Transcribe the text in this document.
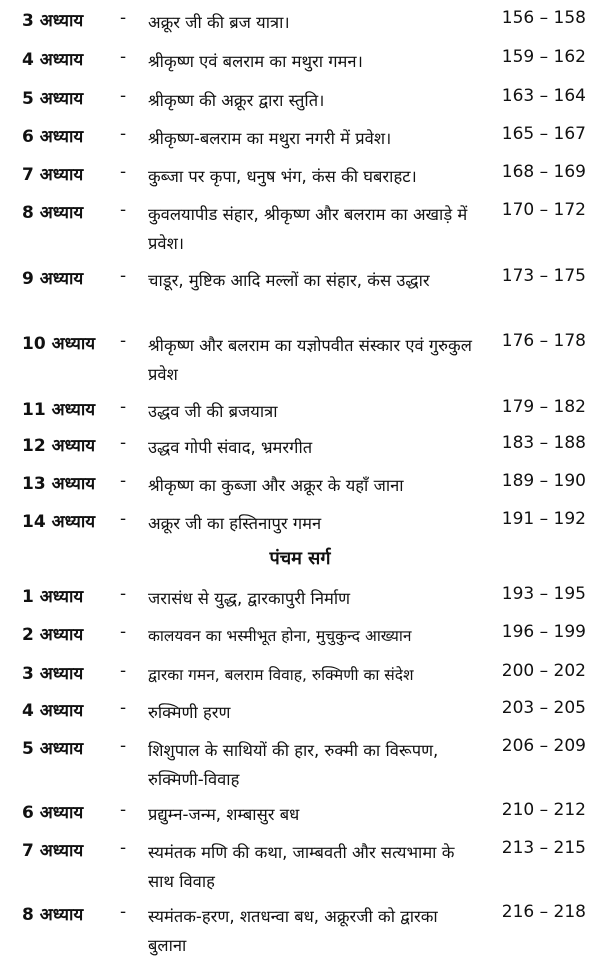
3 अध्याय - अक्रूर जी की ब्रज यात्रा।	156 – 158
4 अध्याय - श्रीकृष्ण एवं बलराम का मथुरा गमन।	159 – 162
5 अध्याय - श्रीकृष्ण की अक्रूर द्वारा स्तुति।	163 – 164
6 अध्याय - श्रीकृष्ण-बलराम का मथुरा नगरी में प्रवेश।	165 – 167
7 अध्याय - कुब्जा पर कृपा, धनुष भंग, कंस की घबराहट।	168 – 169
8 अध्याय - कुवलयापीड संहार, श्रीकृष्ण और बलराम का अखाड़े में प्रवेश।
170 – 172
9 अध्याय - चाडूर, मुष्टिक आदि मल्लों का संहार, कंस उद्धार	173 – 175
10 अध्याय - श्रीकृष्ण और बलराम का यज्ञोपवीत संस्कार एवं गुरुकुल प्रवेश
176 – 178
11 अध्याय - उद्धव जी की ब्रजयात्रा	179 – 182
12 अध्याय - उद्धव गोपी संवाद, भ्रमरगीत	183 – 188
13 अध्याय - श्रीकृष्ण का कुब्जा और अक्रूर के यहाँ जाना	189 – 190
14 अध्याय - अक्रूर जी का हस्तिनापुर गमन	191 – 192
पंचम सर्ग
1 अध्याय - जरासंध से युद्ध, द्वारकापुरी निर्माण	193 – 195
2 अध्याय - कालयवन का भस्मीभूत होना, मुचुकुन्द आख्यान	196 – 199
3 अध्याय - द्वारका गमन, बलराम विवाह, रुक्मिणी का संदेश	200 – 202
4 अध्याय - रुक्मिणी हरण	203 – 205
5 अध्याय - शिशुपाल के साथियों की हार, रुक्मी का विरूपण, रुक्मिणी-विवाह
206 – 209
6 अध्याय - प्रद्युम्न-जन्म, शम्बासुर बध	210 – 212
7 अध्याय - स्यमंतक मणि की कथा, जाम्बवती और सत्यभामा के साथ विवाह
213 – 215
8 अध्याय - स्यमंतक-हरण, शतधन्वा बध, अक्रूरजी को द्वारका बुलाना
216 – 218
